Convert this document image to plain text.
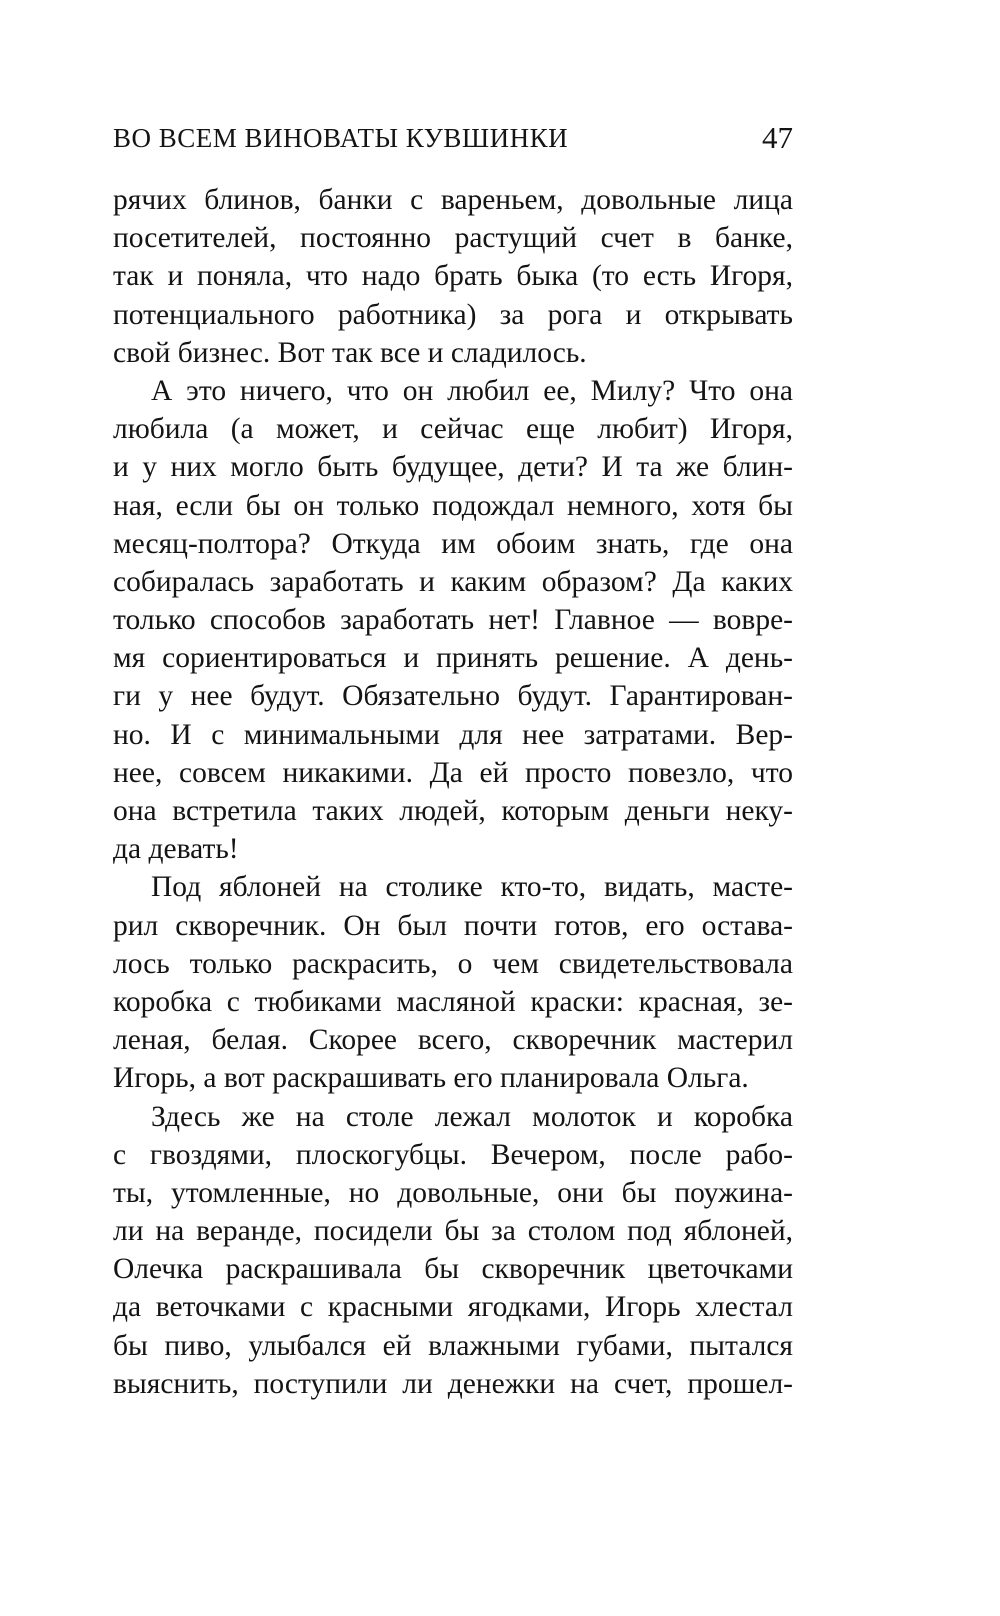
ВО ВСЕМ ВИНОВАТЫ КУВШИНКИ	47
рячих блинов, банки с вареньем, довольные лица
посетителей, постоянно растущий счет в банке,
так и поняла, что надо брать быка (то есть Игоря,
потенциального работника) за рога и открывать
свой бизнес. Вот так все и сладилось.
А это ничего, что он любил ее, Милу? Что она
любила (а может, и сейчас еще любит) Игоря,
и у них могло быть будущее, дети? И та же блин-
ная, если бы он только подождал немного, хотя бы
месяц-полтора? Откуда им обоим знать, где она
собиралась заработать и каким образом? Да каких
только способов заработать нет! Главное — вовре-
мя сориентироваться и принять решение. А день-
ги у нее будут. Обязательно будут. Гарантирован-
но. И с минимальными для нее затратами. Вер-
нее, совсем никакими. Да ей просто повезло, что
она встретила таких людей, которым деньги неку-
да девать!
Под яблоней на столике кто-то, видать, масте-
рил скворечник. Он был почти готов, его остава-
лось только раскрасить, о чем свидетельствовала
коробка с тюбиками масляной краски: красная, зе-
леная, белая. Скорее всего, скворечник мастерил
Игорь, а вот раскрашивать его планировала Ольга.
Здесь же на столе лежал молоток и коробка
с гвоздями, плоскогубцы. Вечером, после рабо-
ты, утомленные, но довольные, они бы поужина-
ли на веранде, посидели бы за столом под яблоней,
Олечка раскрашивала бы скворечник цветочками
да веточками с красными ягодками, Игорь хлестал
бы пиво, улыбался ей влажными губами, пытался
выяснить, поступили ли денежки на счет, прошел-
